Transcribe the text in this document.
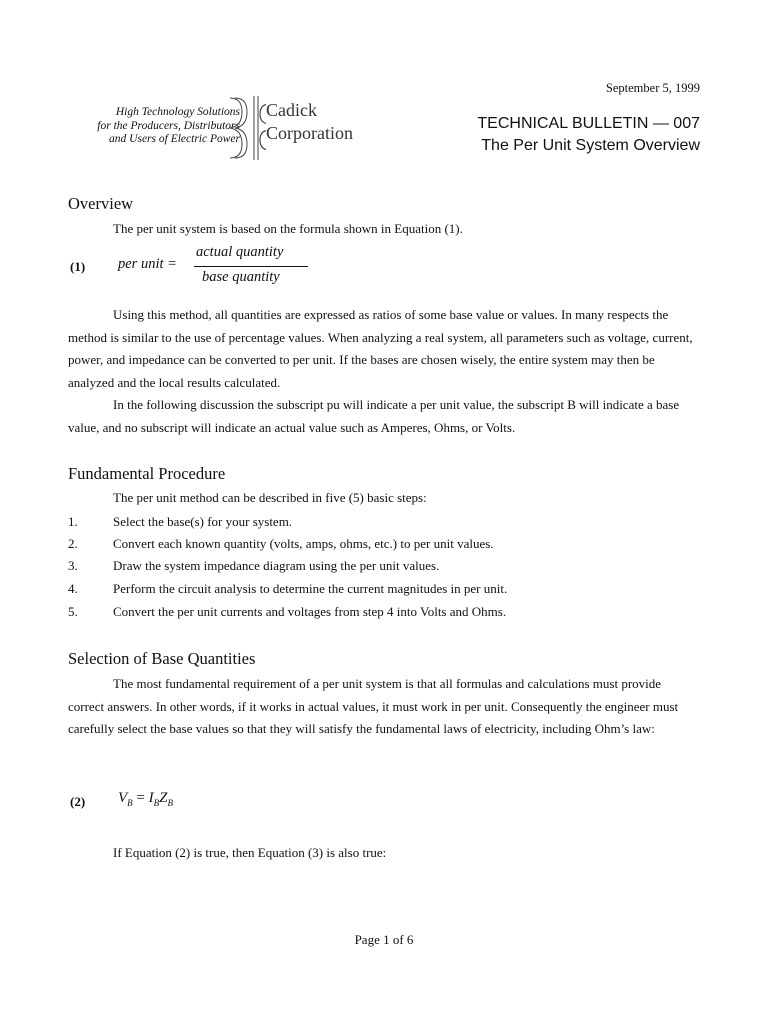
September 5, 1999
High Technology Solutions
for the Producers, Distributors
and Users of Electric Power
Cadick
Corporation	TECHNICAL BULLETIN — 007
The Per Unit System Overview
Overview
The per unit system is based on the formula shown in Equation (1).
(1) per unit =
actual quantity
base quantity
Using this method, all quantities are expressed as ratios of some base value or values. In many respects the method is similar to the use of percentage values. When analyzing a real system, all parameters such as voltage, current, power, and impedance can be converted to per unit. If the bases are chosen wisely, the entire system may then be analyzed and the local results calculated.
In the following discussion the subscript pu will indicate a per unit value, the subscript B will indicate a base value, and no subscript will indicate an actual value such as Amperes, Ohms, or Volts.
Fundamental Procedure
The per unit method can be described in five (5) basic steps:
1.	Select the base(s) for your system.
2.	Convert each known quantity (volts, amps, ohms, etc.) to per unit values.
3.	Draw the system impedance diagram using the per unit values.
4.	Perform the circuit analysis to determine the current magnitudes in per unit.
5.	Convert the per unit currents and voltages from step 4 into Volts and Ohms.
Selection of Base Quantities
The most fundamental requirement of a per unit system is that all formulas and calculations must provide correct answers. In other words, if it works in actual values, it must work in per unit. Consequently the engineer must carefully select the base values so that they will satisfy the fundamental laws of electricity, including Ohm’s law:
(2) $V_B = I_BZ_B$
If Equation (2) is true, then Equation (3) is also true:
Page 1 of 6
